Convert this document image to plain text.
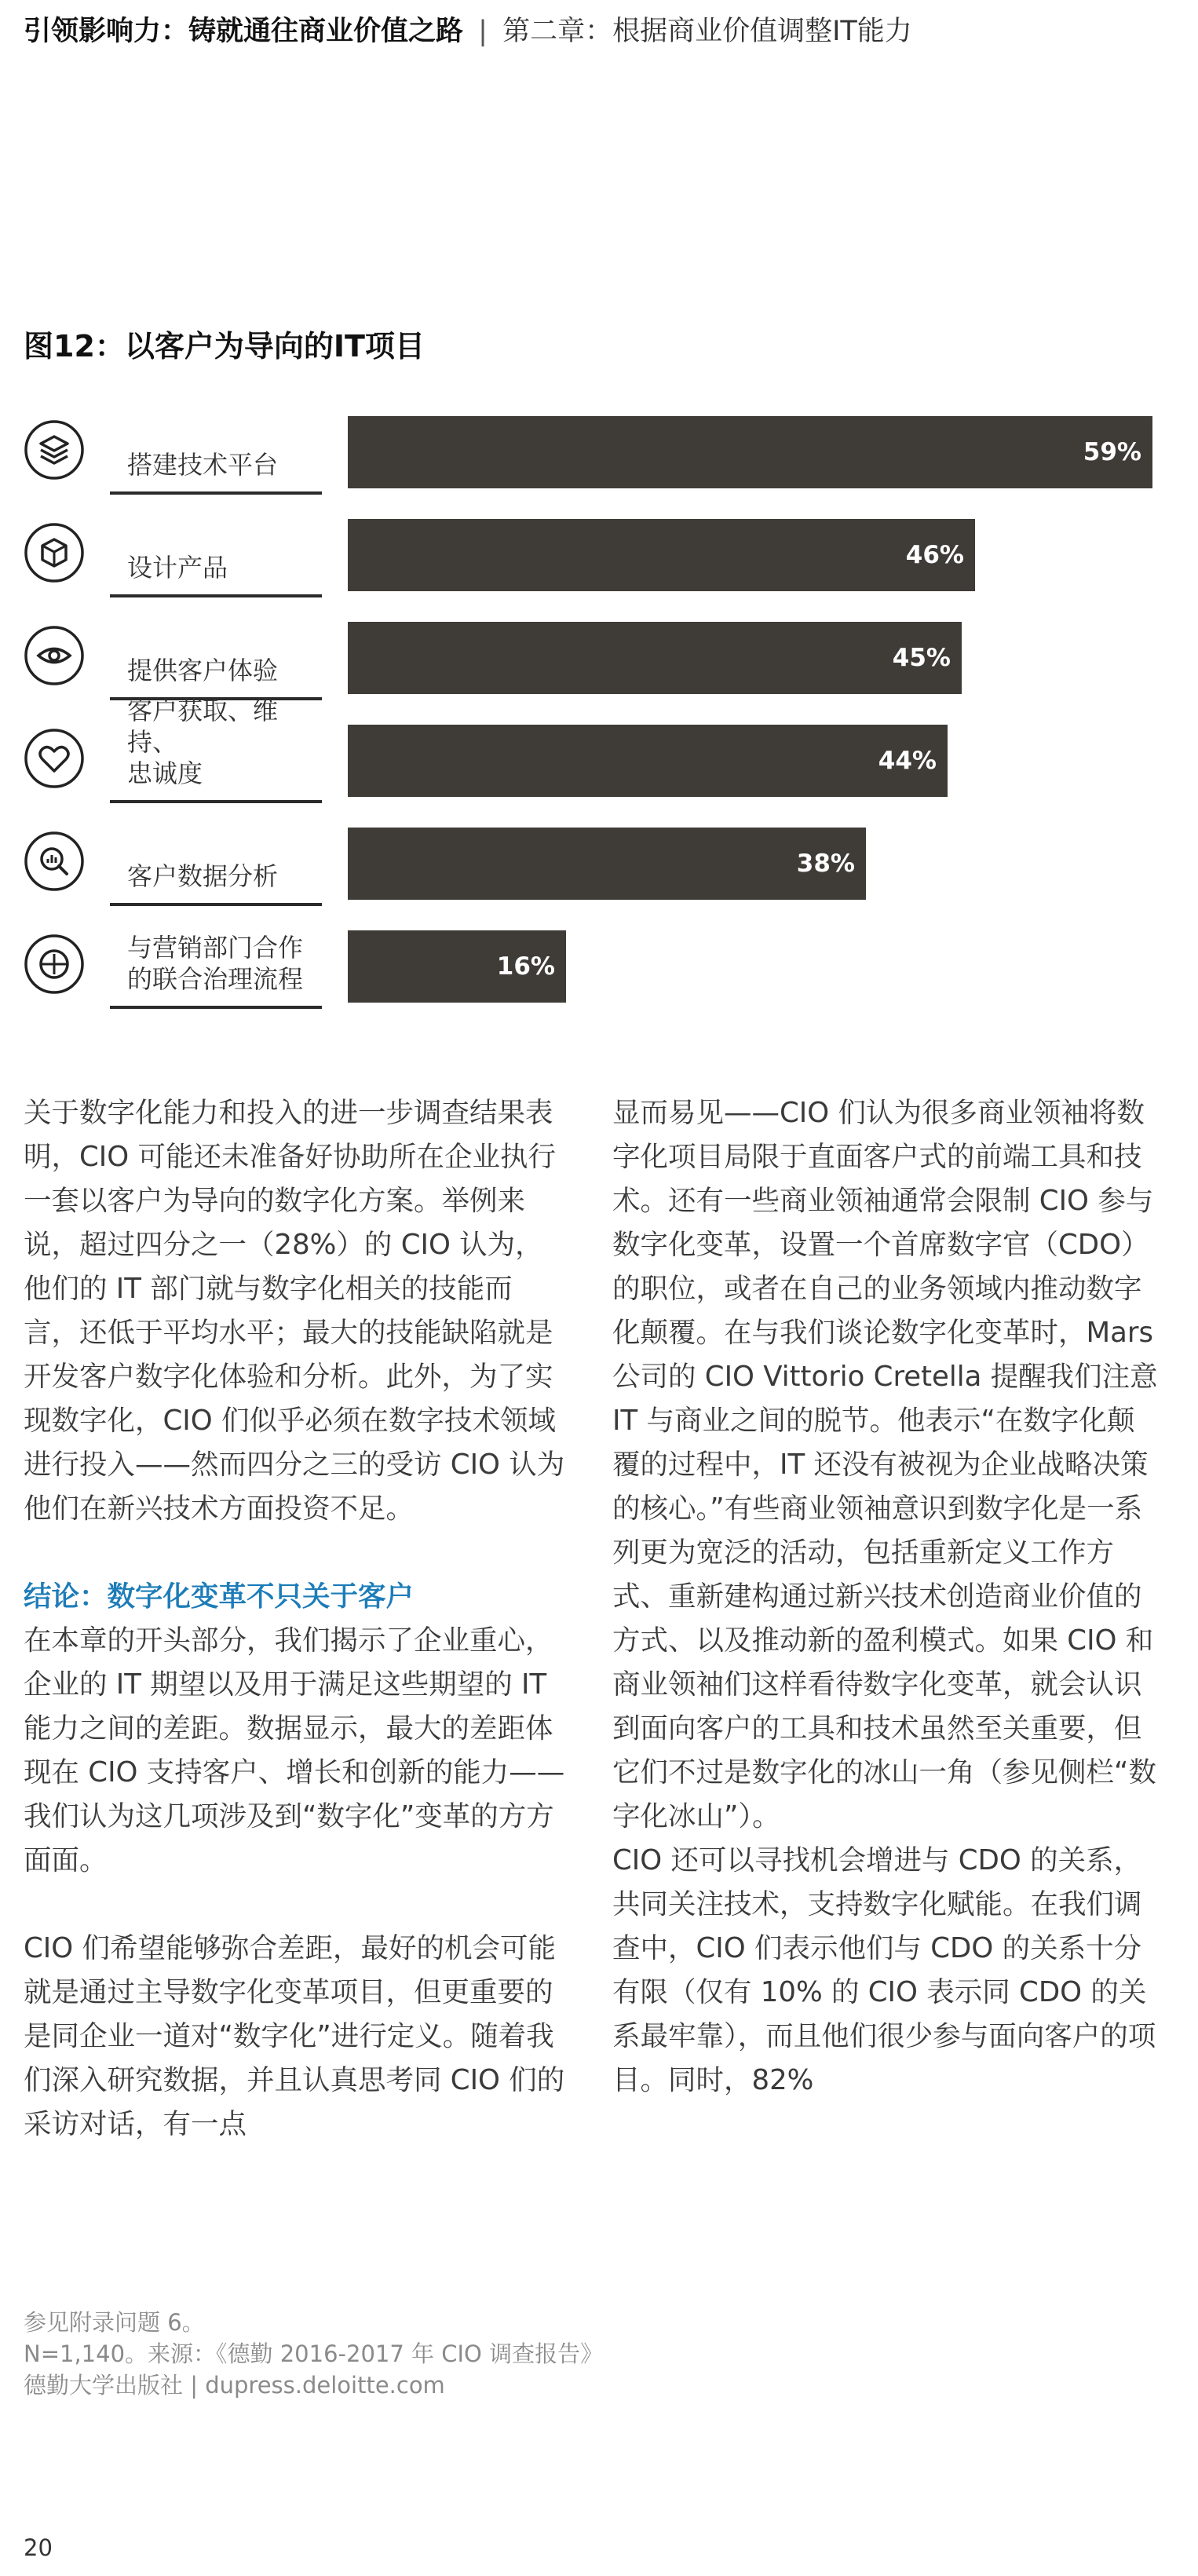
引领影响力：铸就通往商业价值之路 | 第二章：根据商业价值调整IT能力
图12：以客户为导向的IT项目
搭建技术平台	59%
设计产品	46%
提供客户体验	45%
客户获取、维持、
忠诚度	44%
客户数据分析	38%
与营销部门合作
的联合治理流程	16%

关于数字化能力和投入的进一步调查结果表明，CIO 可能还未准备好协助所在企业执行一套以客户为导向的数字化方案。举例来说，超过四分之一（28%）的 CIO 认为，他们的 IT 部门就与数字化相关的技能而言，还低于平均水平；最大的技能缺陷就是开发客户数字化体验和分析。此外，为了实现数字化，CIO 们似乎必须在数字技术领域进行投入——然而四分之三的受访 CIO 认为他们在新兴技术方面投资不足。

结论：数字化变革不只关于客户

在本章的开头部分，我们揭示了企业重心，企业的 IT 期望以及用于满足这些期望的 IT 能力之间的差距。数据显示，最大的差距体现在 CIO 支持客户、增长和创新的能力——我们认为这几项涉及到“数字化”变革的方方面面。

CIO 们希望能够弥合差距，最好的机会可能就是通过主导数字化变革项目，但更重要的是同企业一道对“数字化”进行定义。随着我们深入研究数据，并且认真思考同 CIO 们的采访对话，有一点

显而易见——CIO 们认为很多商业领袖将数字化项目局限于直面客户式的前端工具和技术。还有一些商业领袖通常会限制 CIO 参与数字化变革，设置一个首席数字官（CDO）的职位，或者在自己的业务领域内推动数字化颠覆。在与我们谈论数字化变革时，Mars 公司的 CIO Vittorio Cretella 提醒我们注意 IT 与商业之间的脱节。他表示“在数字化颠覆的过程中，IT 还没有被视为企业战略决策的核心。”有些商业领袖意识到数字化是一系列更为宽泛的活动，包括重新定义工作方式、重新建构通过新兴技术创造商业价值的方式、以及推动新的盈利模式。如果 CIO 和商业领袖们这样看待数字化变革，就会认识到面向客户的工具和技术虽然至关重要，但它们不过是数字化的冰山一角（参见侧栏“数字化冰山”）。

CIO 还可以寻找机会增进与 CDO 的关系，共同关注技术，支持数字化赋能。在我们调查中，CIO 们表示他们与 CDO 的关系十分有限（仅有 10% 的 CIO 表示同 CDO 的关系最牢靠），而且他们很少参与面向客户的项目。同时，82%

参见附录问题 6。
N=1,140。来源：《德勤 2016-2017 年 CIO 调查报告》
德勤大学出版社 | dupress.deloitte.com
20
